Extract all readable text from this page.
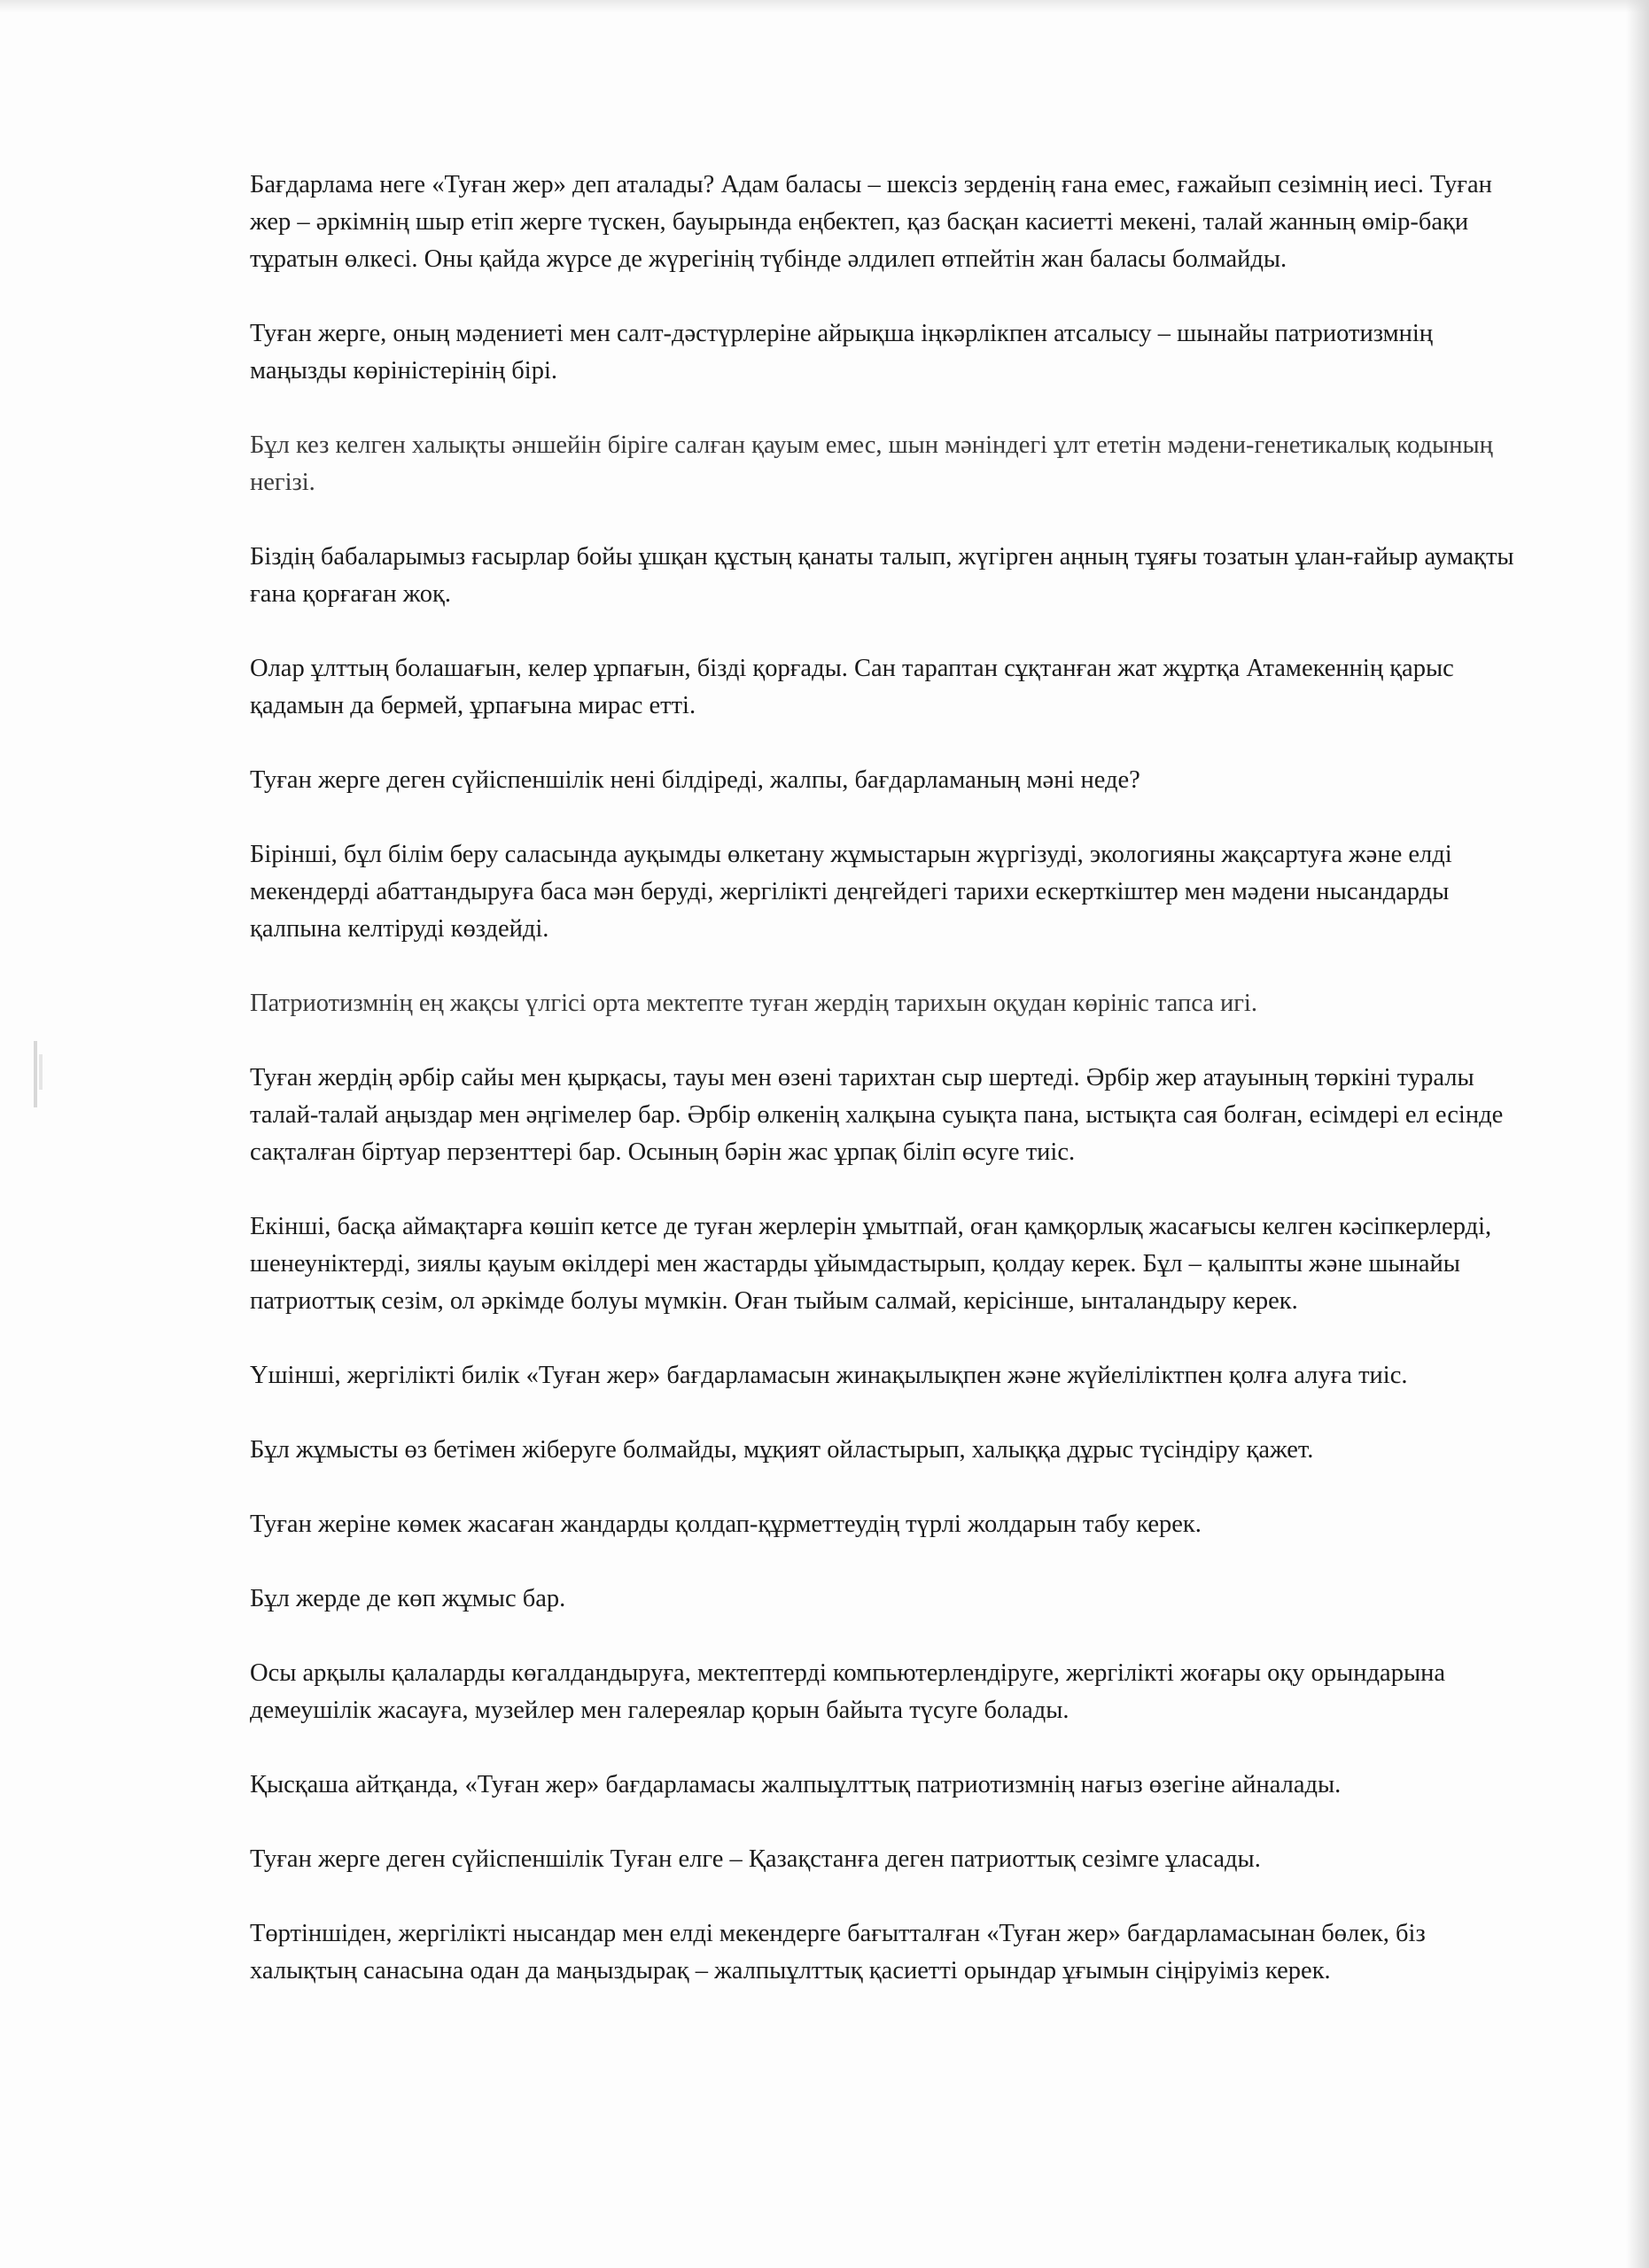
Бағдарлама неге «Туған жер» деп аталады? Адам баласы – шексіз зерденің ғана емес, ғажайып сезімнің иесі. Туған жер – әркімнің шыр етіп жерге түскен, бауырында еңбектеп, қаз басқан касиетті мекені, талай жанның өмір-бақи тұратын өлкесі. Оны қайда жүрсе де жүрегінің түбінде әлдилеп өтпейтін жан баласы болмайды.

Туған жерге, оның мәдениеті мен салт-дәстүрлеріне айрықша іңкәрлікпен атсалысу – шынайы патриотизмнің маңызды көріністерінің бірі.

Бұл кез келген халықты әншейін біріге салған қауым емес, шын мәніндегі ұлт ететін мәдени-генетикалық кодының негізі.

Біздің бабаларымыз ғасырлар бойы ұшқан құстың қанаты талып, жүгірген аңның тұяғы тозатын ұлан-ғайыр аумақты ғана қорғаған жоқ.

Олар ұлттың болашағын, келер ұрпағын, бізді қорғады. Сан тараптан сұқтанған жат жұртқа Атамекеннің қарыс қадамын да бермей, ұрпағына мирас етті.

Туған жерге деген сүйіспеншілік нені білдіреді, жалпы, бағдарламаның мәні неде?

Бірінші, бұл білім беру саласында ауқымды өлкетану жұмыстарын жүргізуді, экологияны жақсартуға және елді мекендерді абаттандыруға баса мән беруді, жергілікті деңгейдегі тарихи ескерткіштер мен мәдени нысандарды қалпына келтіруді көздейді.

Патриотизмнің ең жақсы үлгісі орта мектепте туған жердің тарихын оқудан көрініс тапса игі.

Туған жердің әрбір сайы мен қырқасы, тауы мен өзені тарихтан сыр шертеді. Әрбір жер атауының төркіні туралы талай-талай аңыздар мен әңгімелер бар. Әрбір өлкенің халқына суықта пана, ыстықта сая болған, есімдері ел есінде сақталған біртуар перзенттері бар. Осының бәрін жас ұрпақ біліп өсуге тиіс.

Екінші, басқа аймақтарға көшіп кетсе де туған жерлерін ұмытпай, оған қамқорлық жасағысы келген кәсіпкерлерді, шенеуніктерді, зиялы қауым өкілдері мен жастарды ұйымдастырып, қолдау керек. Бұл – қалыпты және шынайы патриоттық сезім, ол әркімде болуы мүмкін. Оған тыйым салмай, керісінше, ынталандыру керек.

Үшінші, жергілікті билік «Туған жер» бағдарламасын жинақылықпен және жүйеліліктпен қолға алуға тиіс.

Бұл жұмысты өз бетімен жіберуге болмайды, мұқият ойластырып, халыққа дұрыс түсіндіру қажет.

Туған жеріне көмек жасаған жандарды қолдап-құрметтеудің түрлі жолдарын табу керек.

Бұл жерде де көп жұмыс бар.

Осы арқылы қалаларды көгалдандыруға, мектептерді компьютерлендіруге, жергілікті жоғары оқу орындарына демеушілік жасауға, музейлер мен галереялар қорын байыта түсуге болады.

Қысқаша айтқанда, «Туған жер» бағдарламасы жалпыұлттық патриотизмнің нағыз өзегіне айналады.

Туған жерге деген сүйіспеншілік Туған елге – Қазақстанға деген патриоттық сезімге ұласады.

Төртіншіден, жергілікті нысандар мен елді мекендерге бағытталған «Туған жер» бағдарламасынан бөлек, біз халықтың санасына одан да маңыздырақ – жалпыұлттық қасиетті орындар ұғымын сіңіруіміз керек.
